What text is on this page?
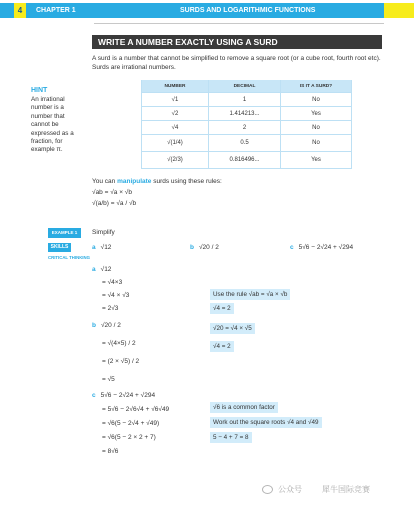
4	CHAPTER 1	SURDS AND LOGARITHMIC FUNCTIONS
WRITE A NUMBER EXACTLY USING A SURD
A surd is a number that cannot be simplified to remove a square root (or a cube root, fourth root etc). Surds are irrational numbers.
HINT
An irrational number is a number that cannot be expressed as a fraction, for example π.
NUMBER	DECIMAL	IS IT A SURD?
√1	1	No
√2	1.414213...	Yes
√4	2	No
√(1/4)	0.5	No
√(2/3)	0.816496...	Yes
You can manipulate surds using these rules:
√ab = √a × √b
√(a/b) = √a / √b
EXAMPLE 1
SKILLS
CRITICAL THINKING
Simplify
a √12	b √20 / 2	c 5√6 − 2√24 + √294
a √12
= √4×3
= √4 × √3
= 2√3
Use the rule √ab = √a × √b
√4 = 2
b √20 / 2
= √(4×5) / 2
= (2 × √5) / 2
= √5
√20 = √4 × √5
√4 = 2
c 5√6 − 2√24 + √294
= 5√6 − 2√6√4 + √6√49
= √6(5 − 2√4 + √49)
= √6(5 − 2 × 2 + 7)
= 8√6
√6 is a common factor
Work out the square roots √4 and √49
5 − 4 + 7 = 8
公众号	犀牛国际竞赛
